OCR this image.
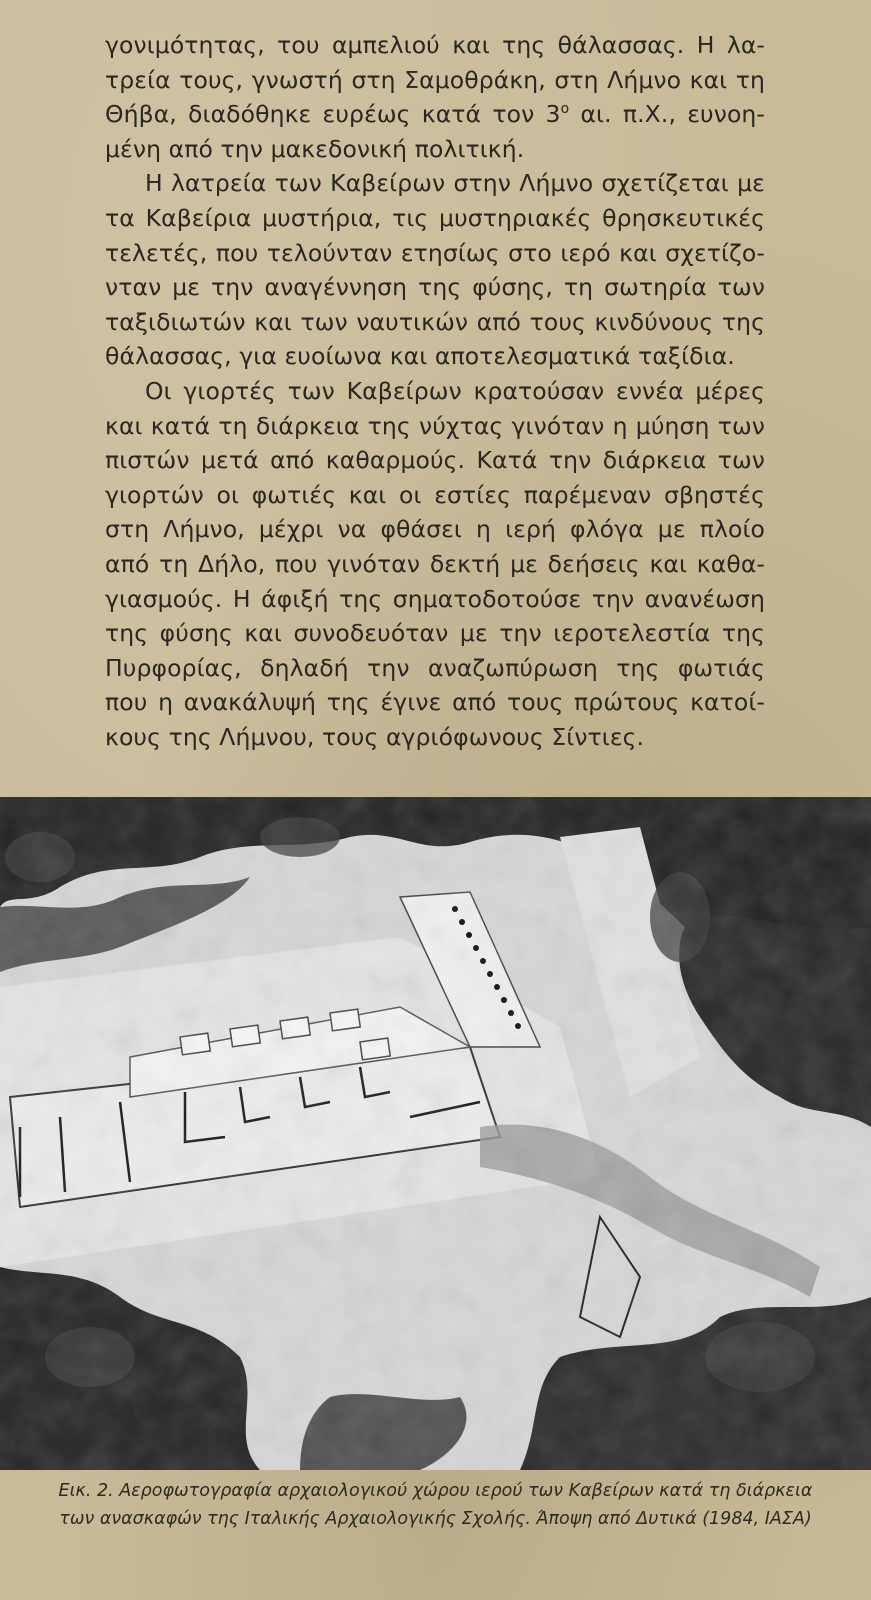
γονιμότητας, του αμπελιού και της θάλασσας. Η λα-
τρεία τους, γνωστή στη Σαμοθράκη, στη Λήμνο και τη
Θήβα, διαδόθηκε ευρέως κατά τον $3^o$ αι. π.Χ., ευνοη-
μένη από την μακεδονική πολιτική.
Η λατρεία των Καβείρων στην Λήμνο σχετίζεται με
τα Καβείρια μυστήρια, τις μυστηριακές θρησκευτικές
τελετές, που τελούνταν ετησίως στο ιερό και σχετίζο-
νταν με την αναγέννηση της φύσης, τη σωτηρία των
ταξιδιωτών και των ναυτικών από τους κινδύνους της
θάλασσας, για ευοίωνα και αποτελεσματικά ταξίδια.
Οι γιορτές των Καβείρων κρατούσαν εννέα μέρες
και κατά τη διάρκεια της νύχτας γινόταν η μύηση των
πιστών μετά από καθαρμούς. Κατά την διάρκεια των
γιορτών οι φωτιές και οι εστίες παρέμεναν σβηστές
στη Λήμνο, μέχρι να φθάσει η ιερή φλόγα με πλοίο
από τη Δήλο, που γινόταν δεκτή με δεήσεις και καθα-
γιασμούς. Η άφιξή της σηματοδοτούσε την ανανέωση
της φύσης και συνοδευόταν με την ιεροτελεστία της
Πυρφορίας, δηλαδή την αναζωπύρωση της φωτιάς
που η ανακάλυψή της έγινε από τους πρώτους κατοί-
κους της Λήμνου, τους αγριόφωνους Σίντιες.
Εικ. 2. Αεροφωτογραφία αρχαιολογικού χώρου ιερού των Καβείρων κατά τη διάρκεια
των ανασκαφών της Ιταλικής Αρχαιολογικής Σχολής. Άποψη από Δυτικά (1984, ΙΑΣΑ)
